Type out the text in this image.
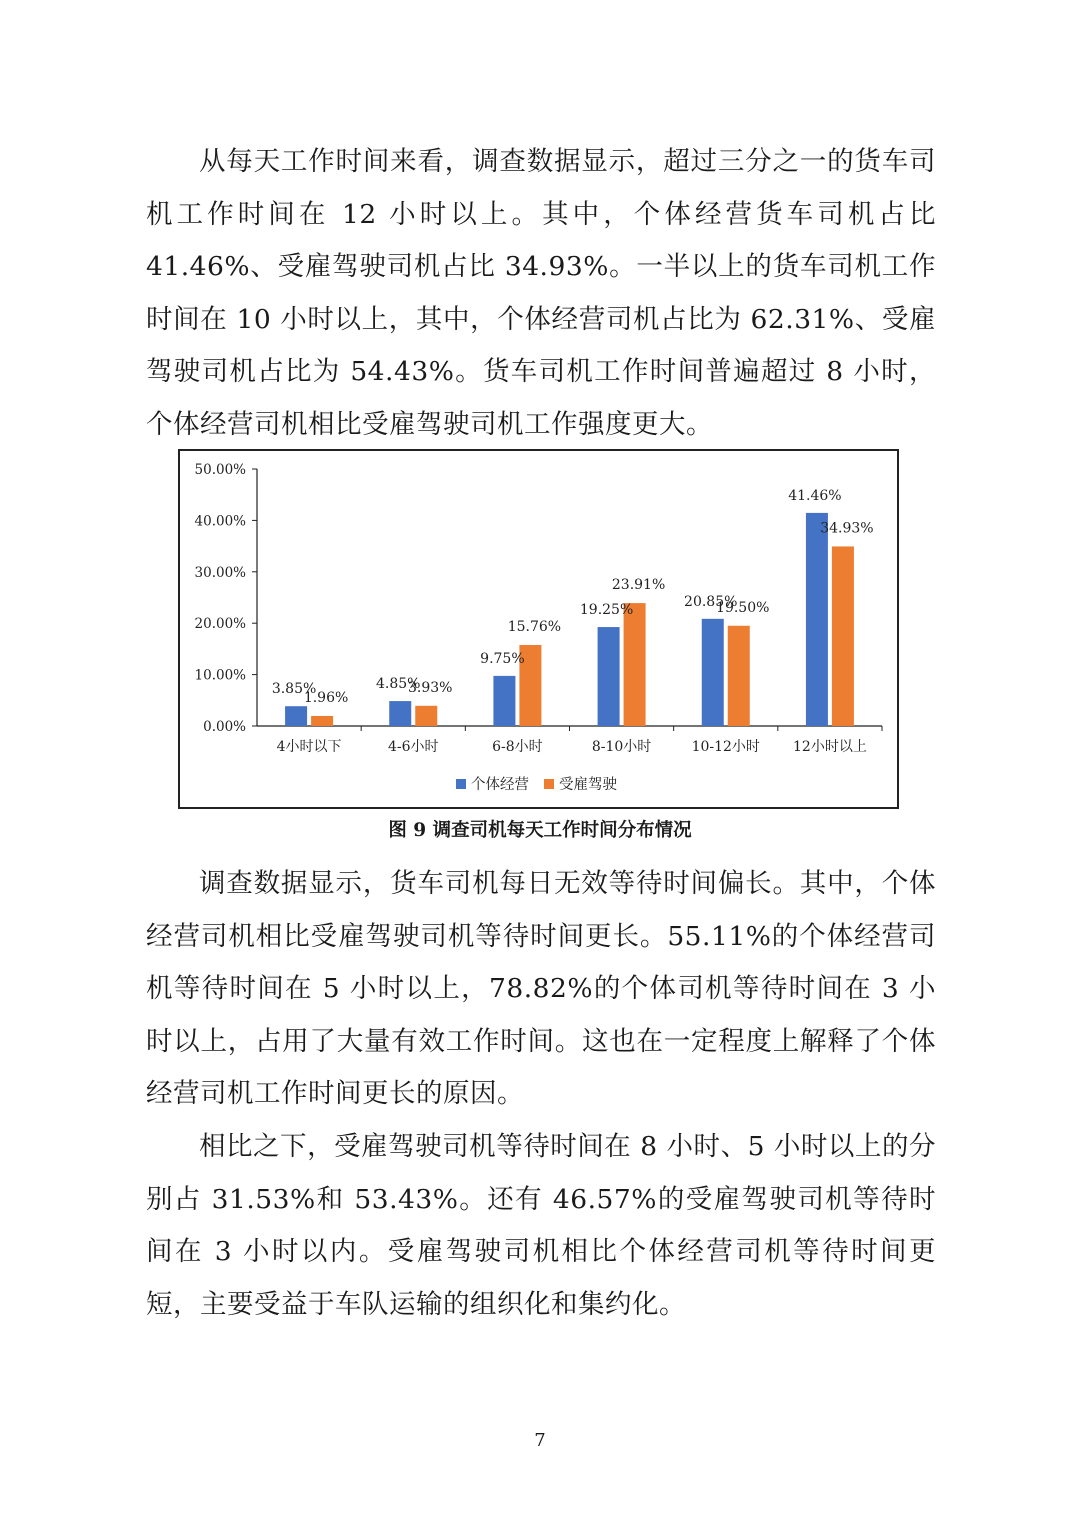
从每天工作时间来看，调查数据显示，超过三分之一的货车司机工作时间在 12 小时以上。其中，个体经营货车司机占比 41.46%、受雇驾驶司机占比 34.93%。一半以上的货车司机工作时间在 10 小时以上，其中，个体经营司机占比为 62.31%、受雇驾驶司机占比为 54.43%。货车司机工作时间普遍超过 8 小时，个体经营司机相比受雇驾驶司机工作强度更大。

0.00%
10.00%
20.00%
30.00%
40.00%
50.00%
4小时以下
3.85%
1.96%
4-6小时
4.85%
3.93%
6-8小时
9.75%
15.76%
8-10小时
19.25%
23.91%
10-12小时
20.85%
19.50%
12小时以上
41.46%
34.93%
个体经营 受雇驾驶

图 9 调查司机每天工作时间分布情况

调查数据显示，货车司机每日无效等待时间偏长。其中，个体经营司机相比受雇驾驶司机等待时间更长。55.11%的个体经营司机等待时间在 5 小时以上，78.82%的个体司机等待时间在 3 小时以上，占用了大量有效工作时间。这也在一定程度上解释了个体经营司机工作时间更长的原因。

相比之下，受雇驾驶司机等待时间在 8 小时、5 小时以上的分别占 31.53%和 53.43%。还有 46.57%的受雇驾驶司机等待时间在 3 小时以内。受雇驾驶司机相比个体经营司机等待时间更短，主要受益于车队运输的组织化和集约化。

7
